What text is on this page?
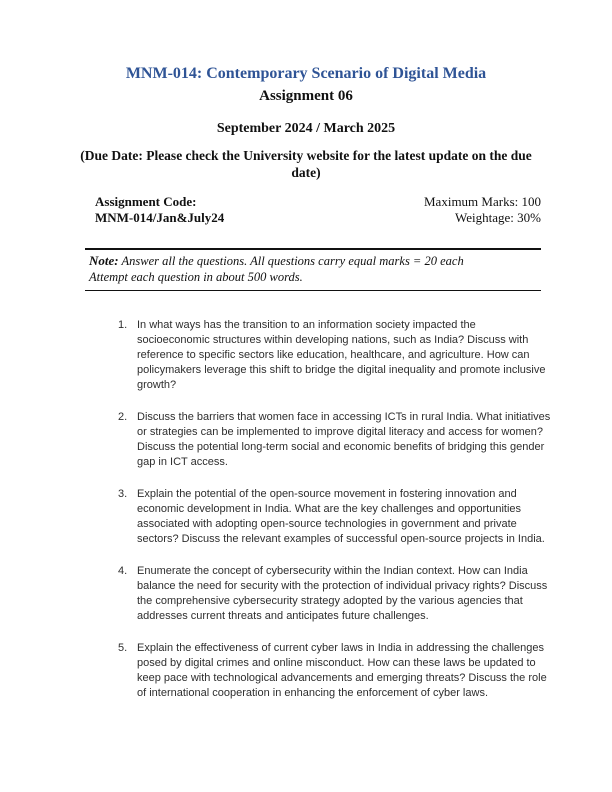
MNM-014: Contemporary Scenario of Digital Media
Assignment 06
September 2024 / March 2025
(Due Date: Please check the University website for the latest update on the due date)
Assignment Code:
MNM-014/Jan&July24
Maximum Marks: 100
Weightage: 30%

Note: Answer all the questions. All questions carry equal marks = 20 each

Attempt each question in about 500 words.

1. In what ways has the transition to an information society impacted the socioeconomic structures within developing nations, such as India? Discuss with reference to specific sectors like education, healthcare, and agriculture. How can policymakers leverage this shift to bridge the digital inequality and promote inclusive growth?
2. Discuss the barriers that women face in accessing ICTs in rural India. What initiatives or strategies can be implemented to improve digital literacy and access for women? Discuss the potential long-term social and economic benefits of bridging this gender gap in ICT access.
3. Explain the potential of the open-source movement in fostering innovation and economic development in India. What are the key challenges and opportunities associated with adopting open-source technologies in government and private sectors? Discuss the relevant examples of successful open-source projects in India.
4. Enumerate the concept of cybersecurity within the Indian context. How can India balance the need for security with the protection of individual privacy rights? Discuss the comprehensive cybersecurity strategy adopted by the various agencies that addresses current threats and anticipates future challenges.
5. Explain the effectiveness of current cyber laws in India in addressing the challenges posed by digital crimes and online misconduct. How can these laws be updated to keep pace with technological advancements and emerging threats? Discuss the role of international cooperation in enhancing the enforcement of cyber laws.
